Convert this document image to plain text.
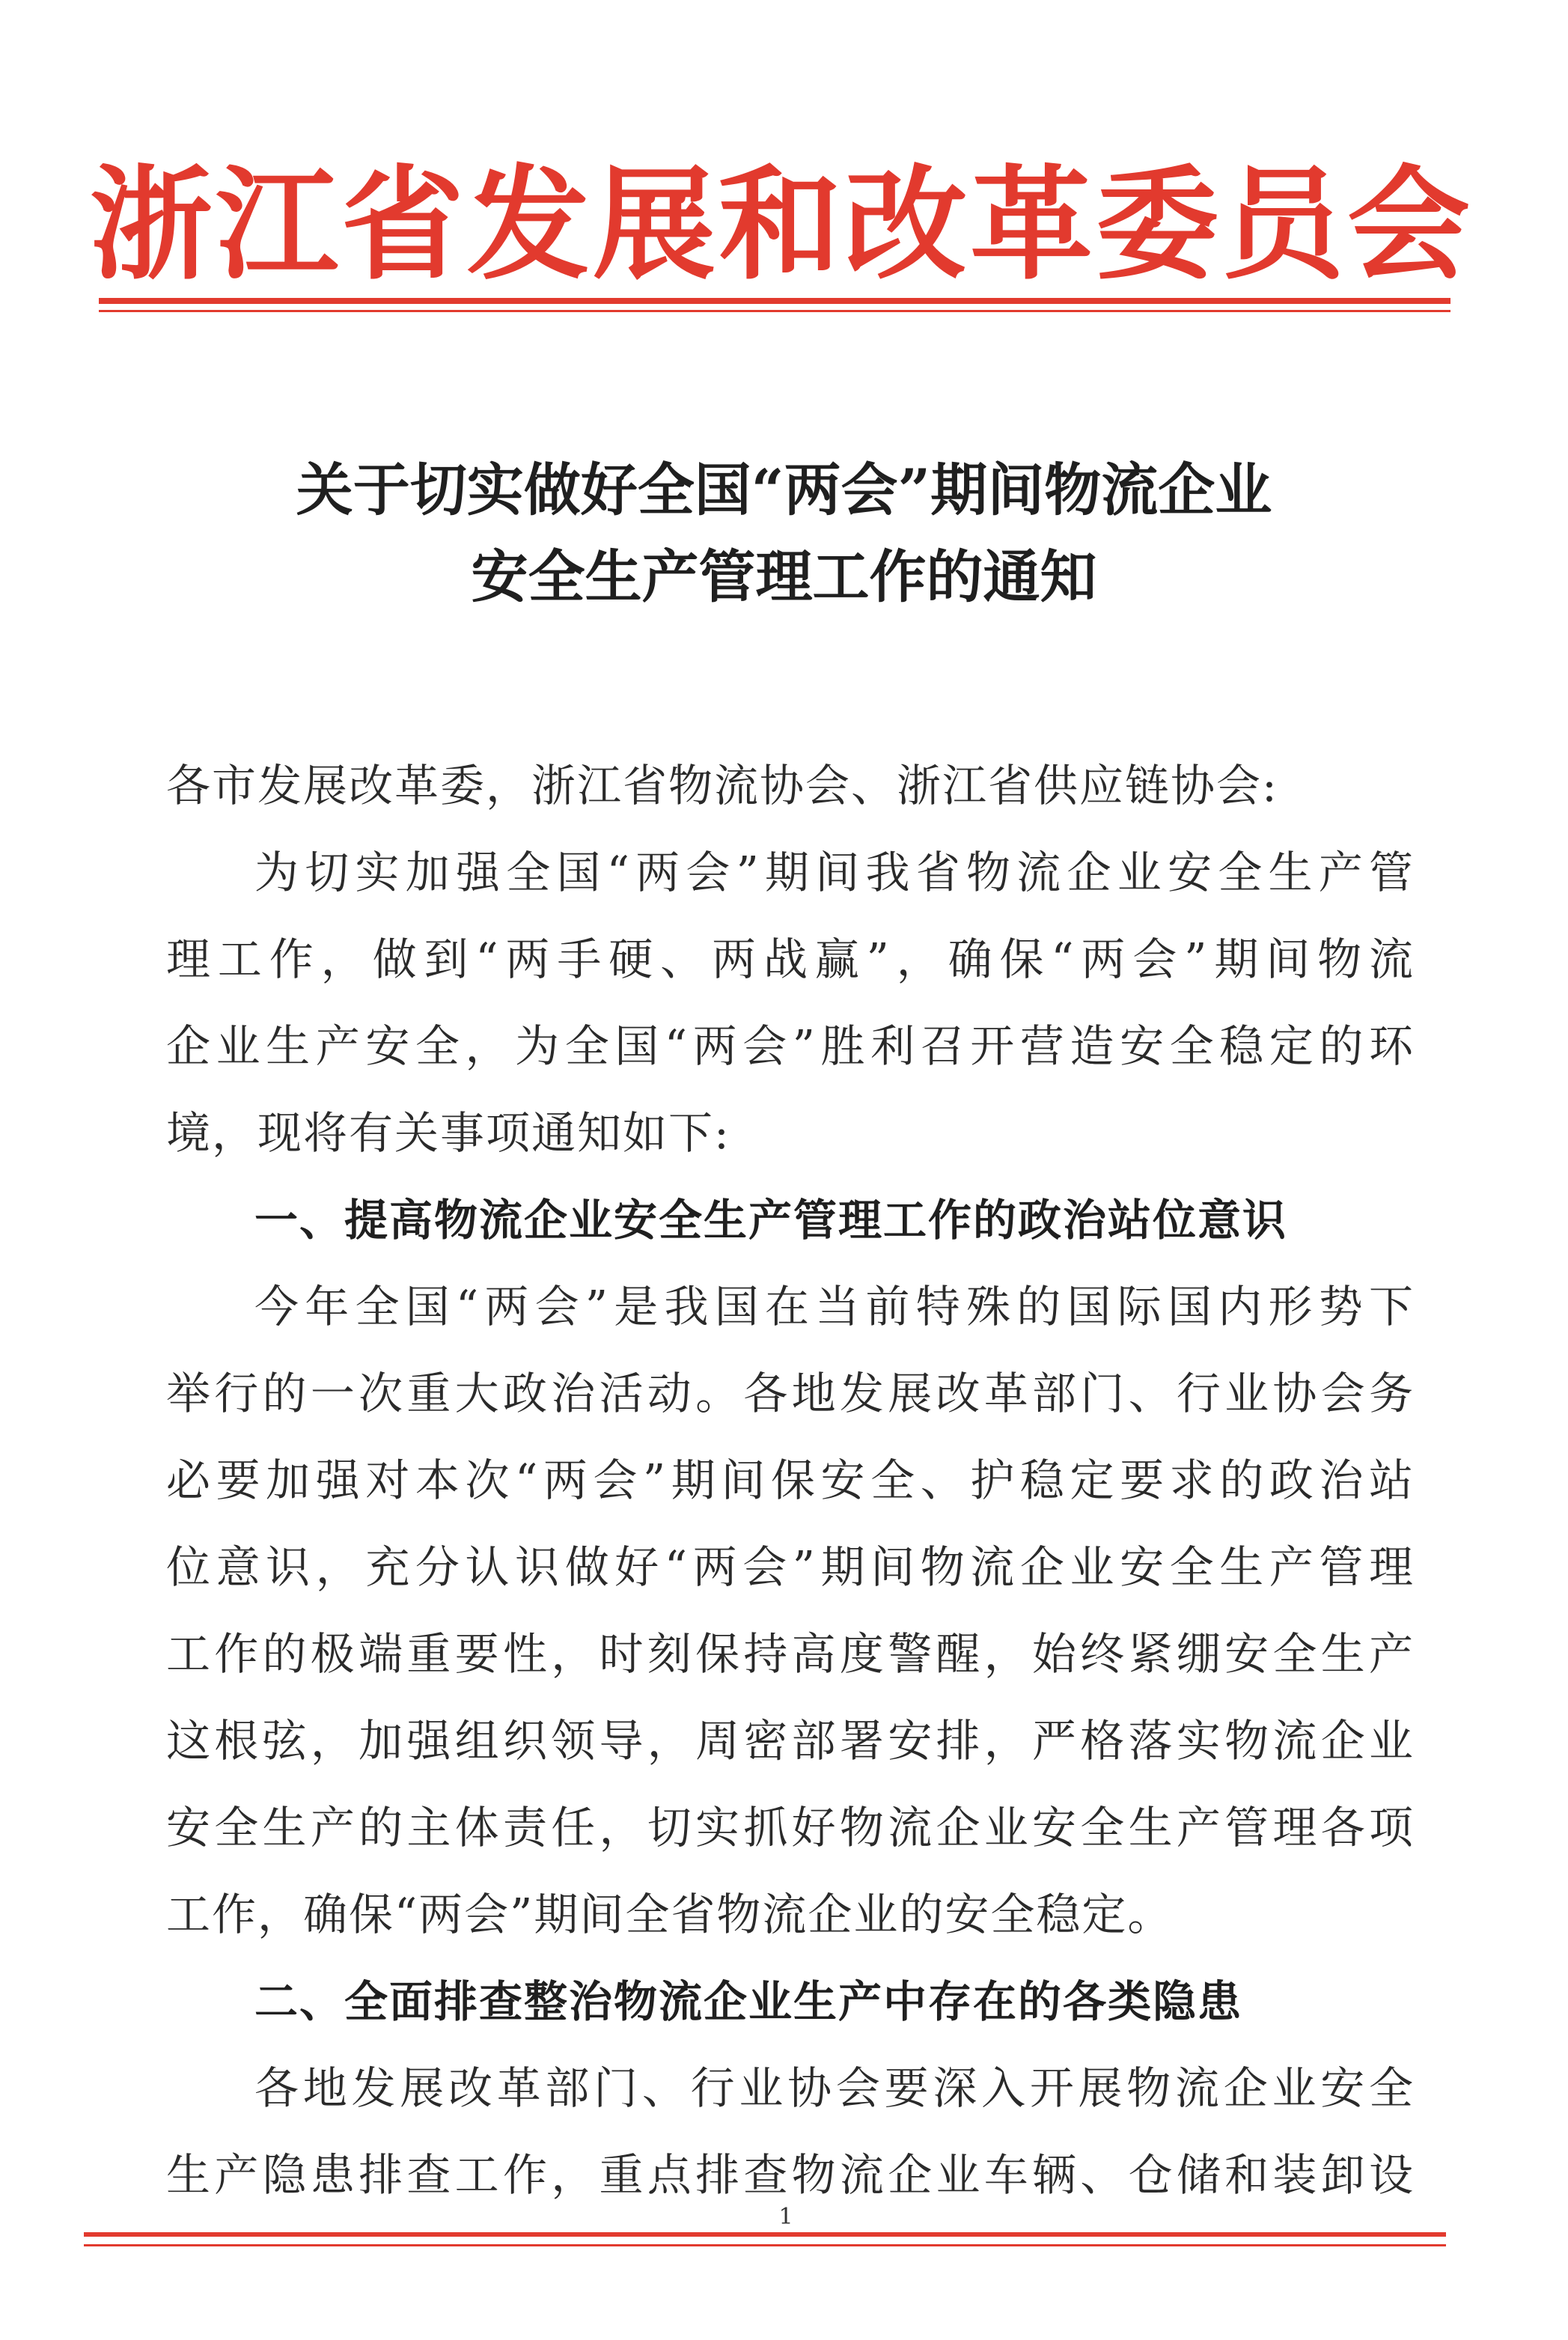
浙江省发展和改革委员会
关于切实做好全国“两会”期间物流企业
安全生产管理工作的通知
各市发展改革委，浙江省物流协会、浙江省供应链协会:
为切实加强全国“两会”期间我省物流企业安全生产管
理工作，做到“两手硬、两战赢”，确保“两会”期间物流
企业生产安全，为全国“两会”胜利召开营造安全稳定的环
境，现将有关事项通知如下:
一、提高物流企业安全生产管理工作的政治站位意识
今年全国“两会”是我国在当前特殊的国际国内形势下
举行的一次重大政治活动。各地发展改革部门、行业协会务
必要加强对本次“两会”期间保安全、护稳定要求的政治站
位意识，充分认识做好“两会”期间物流企业安全生产管理
工作的极端重要性，时刻保持高度警醒，始终紧绷安全生产
这根弦，加强组织领导，周密部署安排，严格落实物流企业
安全生产的主体责任，切实抓好物流企业安全生产管理各项
工作，确保“两会”期间全省物流企业的安全稳定。
二、全面排查整治物流企业生产中存在的各类隐患
各地发展改革部门、行业协会要深入开展物流企业安全
生产隐患排查工作，重点排查物流企业车辆、仓储和装卸设
1
